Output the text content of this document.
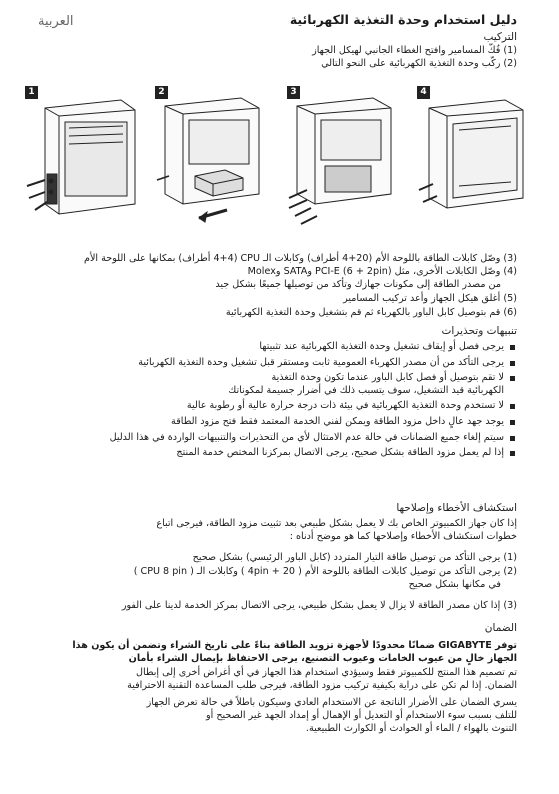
العربية	دليل استخدام وحدة التغذية الكهربائية
التركيب
(1) فُكّ المسامير وافتح الغطاء الجانبي لهيكل الجهاز
(2) ركّب وحدة التغذية الكهربائية على النحو التالي
1	2	3	4
(3) وصّل كابلات الطاقة باللوحة الأم (20+4 أطراف) وكابلات الـ CPU (4+4 أطراف) بمكانها على اللوحة الأم
(4) وصّل الكابلات الأخرى، مثل PCI-E (6 + 2pin) وSATA وMolex
من مصدر الطاقة إلى مكونات جهازك وتأكد من توصيلها جميعًا بشكل جيد
(5) أغلق هيكل الجهاز وأعد تركيب المسامير
(6) قم بتوصيل كابل الباور بالكهرباء ثم قم بتشغيل وحدة التغذية الكهربائية
تنبيهات وتحذيرات
يرجى فصل أو إيقاف تشغيل وحدة التغذية الكهربائية عند تثبيتها
يرجى التأكد من أن مصدر الكهرباء العمومية ثابت ومستقر قبل تشغيل وحدة التغذية الكهربائية
لا تقم بتوصيل أو فصل كابل الباور عندما تكون وحدة التغذية
الكهربائية قيد التشغيل، سوف يتسبب ذلك في أضرار جسيمة لمكوناتك
لا تستخدم وحدة التغذية الكهربائية في بيئة ذات درجة حرارة عالية أو رطوبة عالية
يوجد جهد عالٍ داخل مزود الطاقة ويمكن لفني الخدمة المعتمد فقط فتح مزود الطاقة
سيتم إلغاء جميع الضمانات في حالة عدم الامتثال لأي من التحذيرات والتنبيهات الواردة في هذا الدليل
إذا لم يعمل مزود الطاقة بشكل صحيح، يرجى الاتصال بمركزنا المختص خدمة المنتج
استكشاف الأخطاء وإصلاحها
إذا كان جهاز الكمبيوتر الخاص بك لا يعمل بشكل طبيعي بعد تثبيت مزود الطاقة، فيرجى اتباع
خطوات استكشاف الأخطاء وإصلاحها كما هو موضح أدناه :
(1) يرجى التأكد من توصيل طاقة التيار المتردد (كابل الباور الرئيسي) بشكل صحيح
(2) يرجى التأكد من توصيل كابلات الطاقة باللوحة الأم ( 20 + 4pin ) وكابلات الـ ( CPU 8 pin )
في مكانها بشكل صحيح
(3) إذا كان مصدر الطاقة لا يزال لا يعمل بشكل طبيعي، يرجى الاتصال بمركز الخدمة لدينا على الفور
الضمان
توفر GIGABYTE ضمانًا محدودًا لأجهزة تزويد الطاقة بناءً على تاريخ الشراء وتضمن أن يكون هذا
الجهاز خالٍ من عيوب الخامات وعيوب التصنيع، يرجى الاحتفاظ بإيصال الشراء بأمان
تم تصميم هذا المنتج للكمبيوتر فقط وسيؤدي استخدام هذا الجهاز في أي أغراض أخرى إلى إبطال
الضمان. إذا لم تكن على دراية بكيفية تركيب مزود الطاقة، فيرجى طلب المساعدة التقنية الاحترافية
يسري الضمان على الأضرار الناتجة عن الاستخدام العادي وسيكون باطلاً في حالة تعرض الجهاز
للتلف بسبب سوء الاستخدام أو التعديل أو الإهمال أو إمداد الجهد غير الصحيح أو
التنوث بالهواء / الماء أو الحوادث أو الكوارث الطبيعية.
